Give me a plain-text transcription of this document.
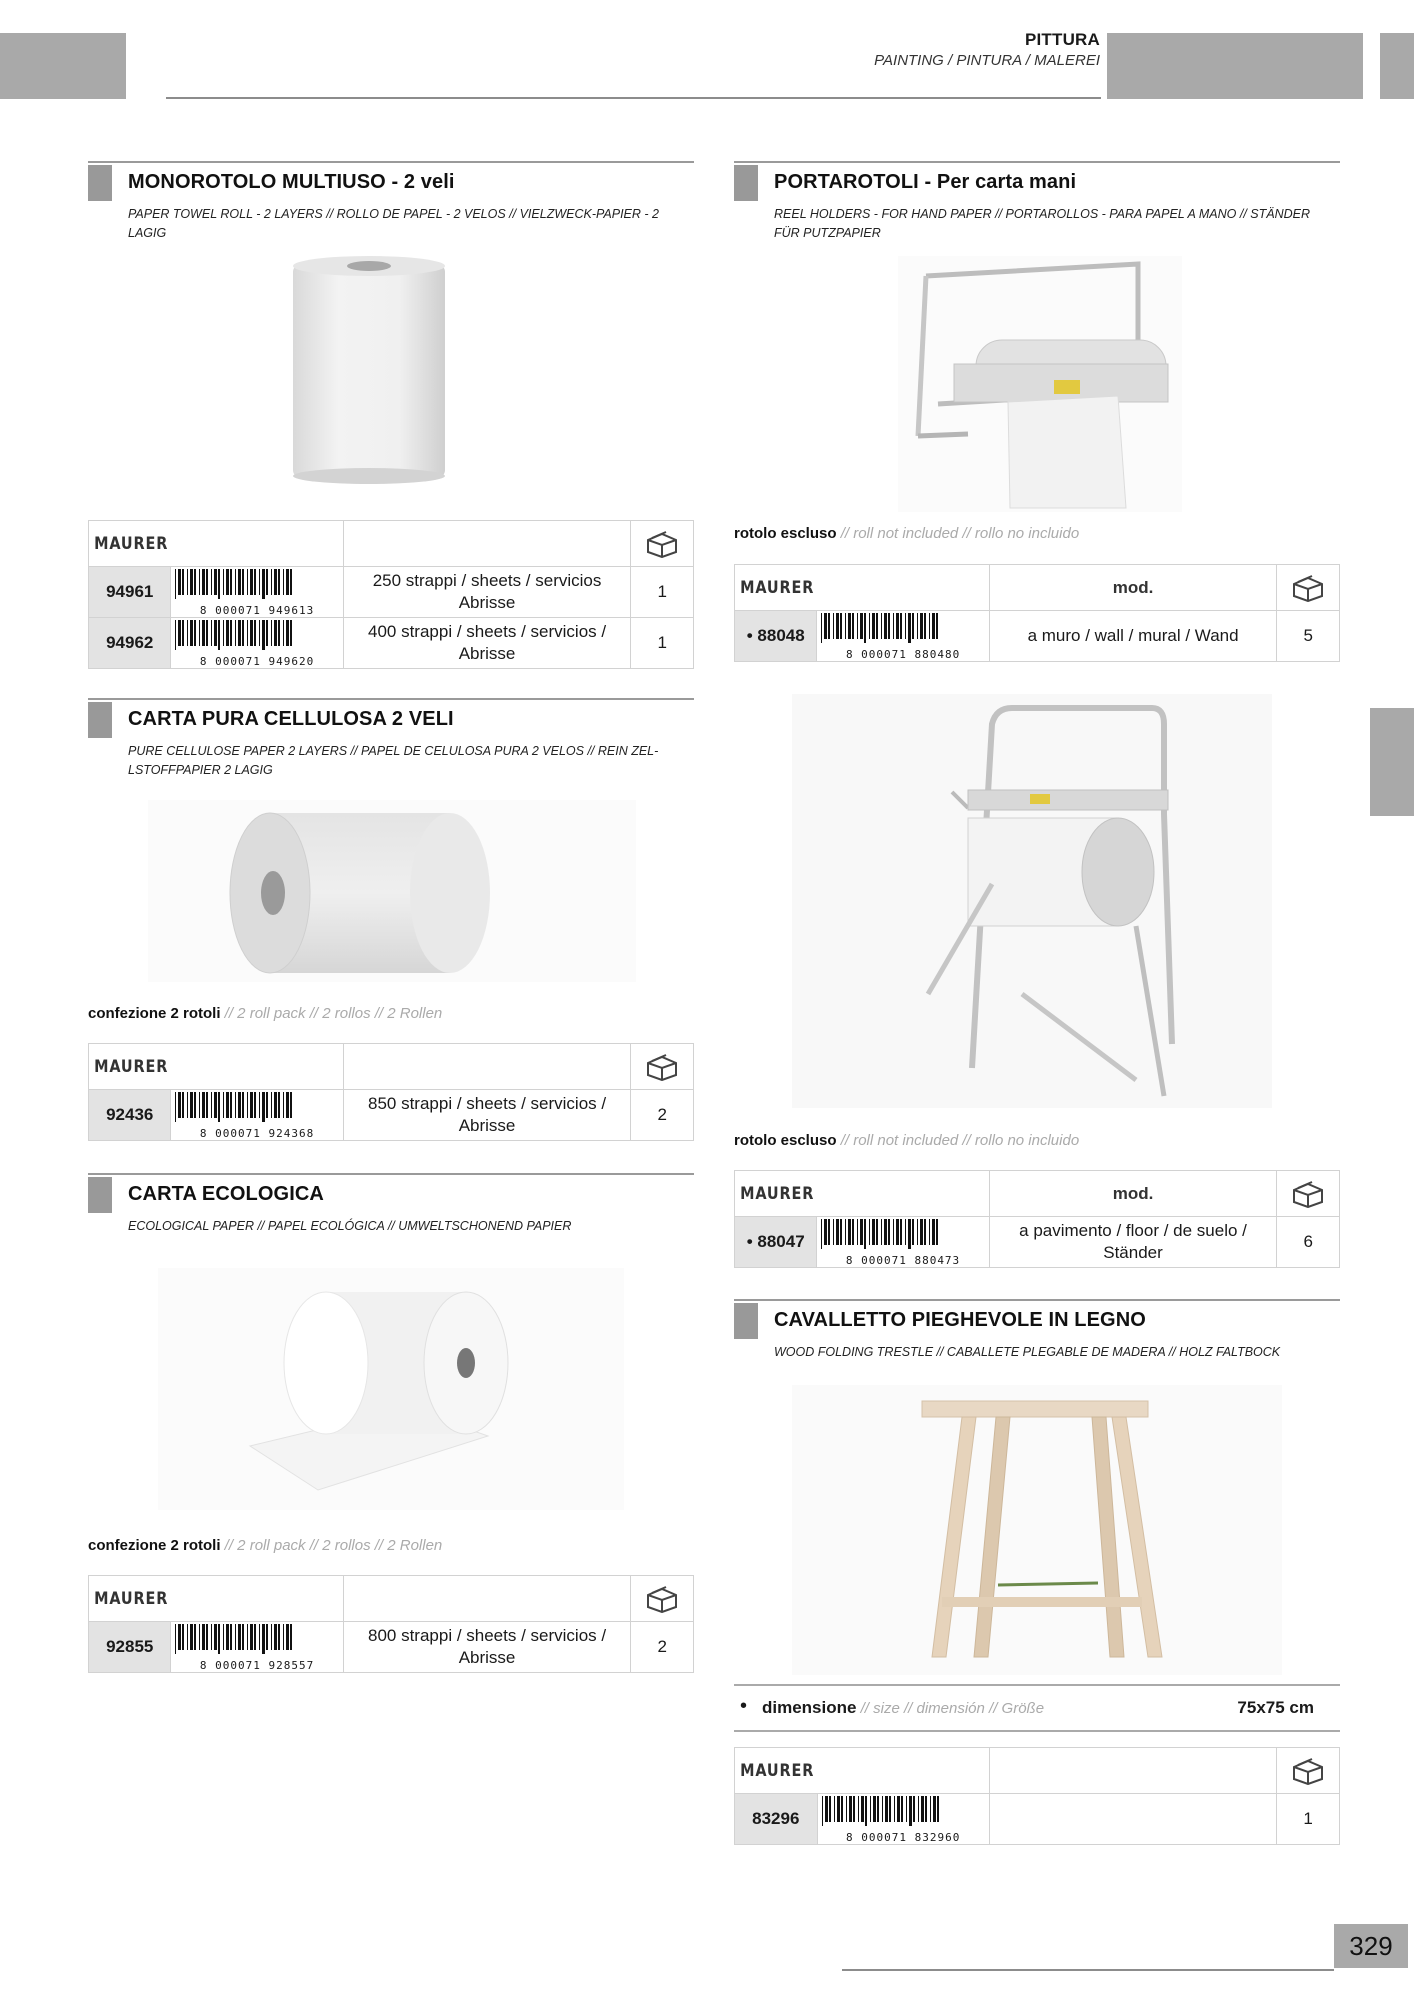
PITTURA
PAINTING / PINTURA / MALEREI
MONOROTOLO MULTIUSO - 2 veli
PAPER TOWEL ROLL - 2 LAYERS // ROLLO DE PAPEL - 2 VELOS // VIELZWECK-PAPIER - 2 LAGIG
MAURER		

94961	8 000071 949613	250 strappi / sheets / servicios Abrisse	1
94962	8 000071 949620	400 strappi / sheets / servicios / Abrisse	1
CARTA PURA CELLULOSA 2 VELI
PURE CELLULOSE PAPER 2 LAYERS // PAPEL DE CELULOSA PURA 2 VELOS // REIN ZEL-LSTOFFPAPIER 2 LAGIG
confezione 2 rotoli // 2 roll pack // 2 rollos // 2 Rollen
MAURER		

92436	8 000071 924368	850 strappi / sheets / servicios / Abrisse	2
CARTA ECOLOGICA
ECOLOGICAL PAPER // PAPEL ECOLÓGICA // UMWELTSCHONEND PAPIER
confezione 2 rotoli // 2 roll pack // 2 rollos // 2 Rollen
MAURER		

92855	8 000071 928557	800 strappi / sheets / servicios / Abrisse	2
PORTAROTOLI - Per carta mani
REEL HOLDERS - FOR HAND PAPER // PORTAROLLOS - PARA PAPEL A MANO // STÄNDER FÜR PUTZPAPIER
rotolo escluso // roll not included // rollo no incluido
MAURER		mod.	

• 88048	8 000071 880480	a muro / wall / mural / Wand	5
rotolo escluso // roll not included // rollo no incluido
MAURER		mod.	

• 88047	8 000071 880473	a pavimento / floor / de suelo / Ständer	6
CAVALLETTO PIEGHEVOLE IN LEGNO
WOOD FOLDING TRESTLE // CABALLETE PLEGABLE DE MADERA // HOLZ FALTBOCK
• dimensione // size // dimensión // Größe	75x75 cm
MAURER		

83296	8 000071 832960		1
329
